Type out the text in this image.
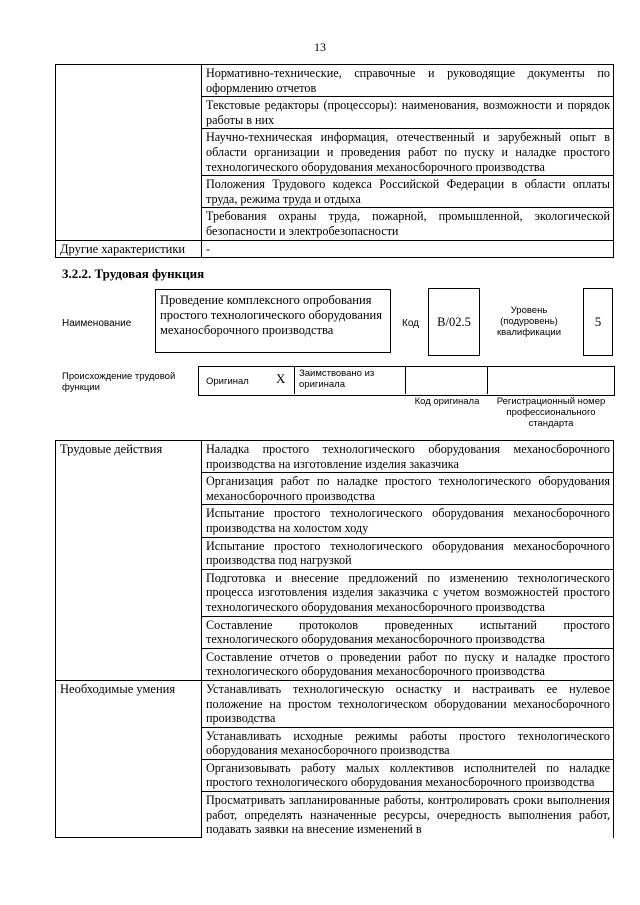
13
	Нормативно-технические, справочные и руководящие документы по оформлению отчетов
	Текстовые редакторы (процессоры): наименования, возможности и порядок работы в них
	Научно-техническая информация, отечественный и зарубежный опыт в области организации и проведения работ по пуску и наладке простого технологического оборудования механосборочного производства
	Положения Трудового кодекса Российской Федерации в области оплаты труда, режима труда и отдыха
	Требования охраны труда, пожарной, промышленной, экологической безопасности и электробезопасности
Другие характеристики	-
3.2.2. Трудовая функция
Наименование
Проведение комплексного опробования простого технологического оборудования механосборочного производства	Код	B/02.5
Уровень (подуровень) квалификации
5
Происхождение трудовой функции
Оригинал X Заимствовано из оригинала
Код оригинала	Регистрационный номер профессионального стандарта
Трудовые действия	Наладка простого технологического оборудования механосборочного производства на изготовление изделия заказчика
	Организация работ по наладке простого технологического оборудования механосборочного производства
	Испытание простого технологического оборудования механосборочного производства на холостом ходу
	Испытание простого технологического оборудования механосборочного производства под нагрузкой
	Подготовка и внесение предложений по изменению технологического процесса изготовления изделия заказчика с учетом возможностей простого технологического оборудования механосборочного производства
	Составление протоколов проведенных испытаний простого технологического оборудования механосборочного производства
	Составление отчетов о проведении работ по пуску и наладке простого технологического оборудования механосборочного производства
Необходимые умения	Устанавливать технологическую оснастку и настраивать ее нулевое положение на простом технологическом оборудовании механосборочного производства
	Устанавливать исходные режимы работы простого технологического оборудования механосборочного производства
	Организовывать работу малых коллективов исполнителей по наладке простого технологического оборудования механосборочного производства
	Просматривать запланированные работы, контролировать сроки выполнения работ, определять назначенные ресурсы, очередность выполнения работ, подавать заявки на внесение изменений в
